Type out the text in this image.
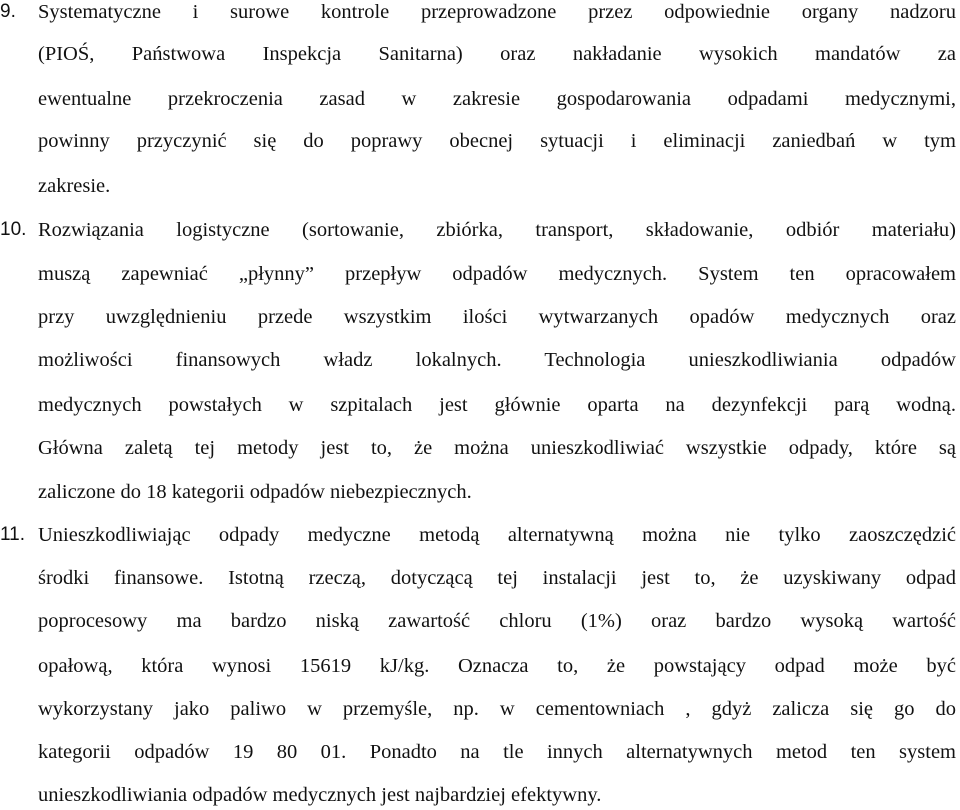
9.	Systematyczne i surowe kontrole przeprowadzone przez odpowiednie organy nadzoru
(PIOŚ, Państwowa Inspekcja Sanitarna) oraz nakładanie wysokich mandatów za
ewentualne przekroczenia zasad w zakresie gospodarowania odpadami medycznymi,
powinny przyczynić się do poprawy obecnej sytuacji i eliminacji zaniedbań w tym
zakresie.
10. Rozwiązania logistyczne (sortowanie, zbiórka, transport, składowanie, odbiór materiału)
muszą zapewniać „płynny” przepływ odpadów medycznych. System ten opracowałem
przy uwzględnieniu przede wszystkim ilości wytwarzanych opadów medycznych oraz
możliwości finansowych władz lokalnych. Technologia unieszkodliwiania odpadów
medycznych powstałych w szpitalach jest głównie oparta na dezynfekcji parą wodną.
Główna zaletą tej metody jest to, że można unieszkodliwiać wszystkie odpady, które są
zaliczone do 18 kategorii odpadów niebezpiecznych.
11. Unieszkodliwiając odpady medyczne metodą alternatywną można nie tylko zaoszczędzić
środki finansowe. Istotną rzeczą, dotyczącą tej instalacji jest to, że uzyskiwany odpad
poprocesowy ma bardzo niską zawartość chloru (1%) oraz bardzo wysoką wartość
opałową, która wynosi 15619 kJ/kg. Oznacza to, że powstający odpad może być
wykorzystany jako paliwo w przemyśle, np. w cementowniach , gdyż zalicza się go do
kategorii odpadów 19 80 01. Ponadto na tle innych alternatywnych metod ten system
unieszkodliwiania odpadów medycznych jest najbardziej efektywny.
